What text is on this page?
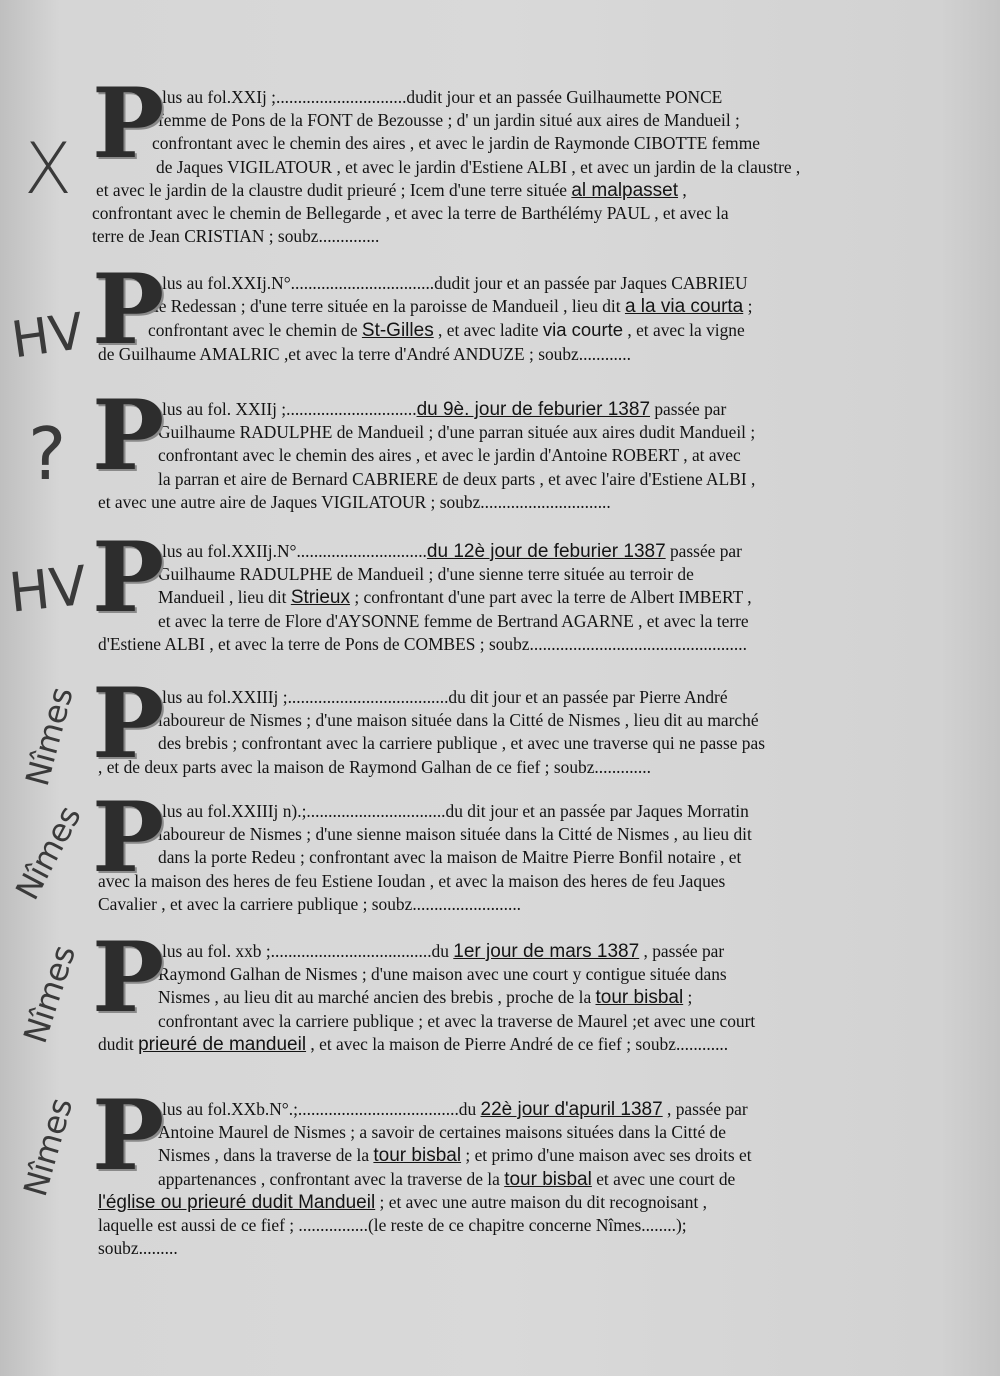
X
HV
?
HV
Nîmes
Nîmes
Nîmes
Nîmes
P lus au fol.XXIj ;..............................dudit jour et an passée Guilhaumette PONCE
femme de Pons de la FONT de Bezousse ; d' un jardin situé aux aires de Mandueil ;
confrontant avec le chemin des aires , et avec le jardin de Raymonde CIBOTTE femme
de Jaques VIGILATOUR , et avec le jardin d'Estiene ALBI , et avec un jardin de la claustre ,
et avec le jardin de la claustre dudit prieuré ; Icem d'une terre située al malpasset ,
confrontant avec le chemin de Bellegarde , et avec la terre de Barthélémy PAUL , et avec la
terre de Jean CRISTIAN ; soubz..............

P lus au fol.XXIj.N°.................................dudit jour et an passée par Jaques CABRIEU
de Redessan ; d'une terre située en la paroisse de Mandueil , lieu dit a la via courta ;
confrontant avec le chemin de St-Gilles , et avec ladite via courte , et avec la vigne
de Guilhaume AMALRIC ,et avec la terre d'André ANDUZE ; soubz............

P lus au fol. XXIIj ;..............................du 9è. jour de feburier 1387 passée par
Guilhaume RADULPHE de Mandueil ; d'une parran située aux aires dudit Mandueil ;
confrontant avec le chemin des aires , et avec le jardin d'Antoine ROBERT , at avec
la parran et aire de Bernard CABRIERE de deux parts , et avec l'aire d'Estiene ALBI ,
et avec une autre aire de Jaques VIGILATOUR ; soubz..............................

P lus au fol.XXIIj.N°..............................du 12è jour de feburier 1387 passée par
Guilhaume RADULPHE de Mandueil ; d'une sienne terre située au terroir de
Mandueil , lieu dit Strieux ; confrontant d'une part avec la terre de Albert IMBERT ,
et avec la terre de Flore d'AYSONNE femme de Bertrand AGARNE , et avec la terre
d'Estiene ALBI , et avec la terre de Pons de COMBES ; soubz..................................................

P lus au fol.XXIIIj ;.....................................du dit jour et an passée par Pierre André
laboureur de Nismes ; d'une maison située dans la Citté de Nismes , lieu dit au marché
des brebis ; confrontant avec la carriere publique , et avec une traverse qui ne passe pas
, et de deux parts avec la maison de Raymond Galhan de ce fief ; soubz.............

P lus au fol.XXIIIj n).;................................du dit jour et an passée par Jaques Morratin
laboureur de Nismes ; d'une sienne maison située dans la Citté de Nismes , au lieu dit
dans la porte Redeu ; confrontant avec la maison de Maitre Pierre Bonfil notaire , et
avec la maison des heres de feu Estiene Ioudan , et avec la maison des heres de feu Jaques
Cavalier , et avec la carriere publique ; soubz.........................

P lus au fol. xxb ;.....................................du 1er jour de mars 1387 , passée par
Raymond Galhan de Nismes ; d'une maison avec une court y contigue située dans
Nismes , au lieu dit au marché ancien des brebis , proche de la tour bisbal ;
confrontant avec la carriere publique ; et avec la traverse de Maurel ;et avec une court
dudit prieuré de mandueil , et avec la maison de Pierre André de ce fief ; soubz............

P lus au fol.XXb.N°.;.....................................du 22è jour d'apuril 1387 , passée par
Antoine Maurel de Nismes ; a savoir de certaines maisons situées dans la Citté de
Nismes , dans la traverse de la tour bisbal ; et primo d'une maison avec ses droits et
appartenances , confrontant avec la traverse de la tour bisbal et avec une court de
l'église ou prieuré dudit Mandueil ; et avec une autre maison du dit recognoisant ,
laquelle est aussi de ce fief ; ................(le reste de ce chapitre concerne Nîmes........);
soubz.........
